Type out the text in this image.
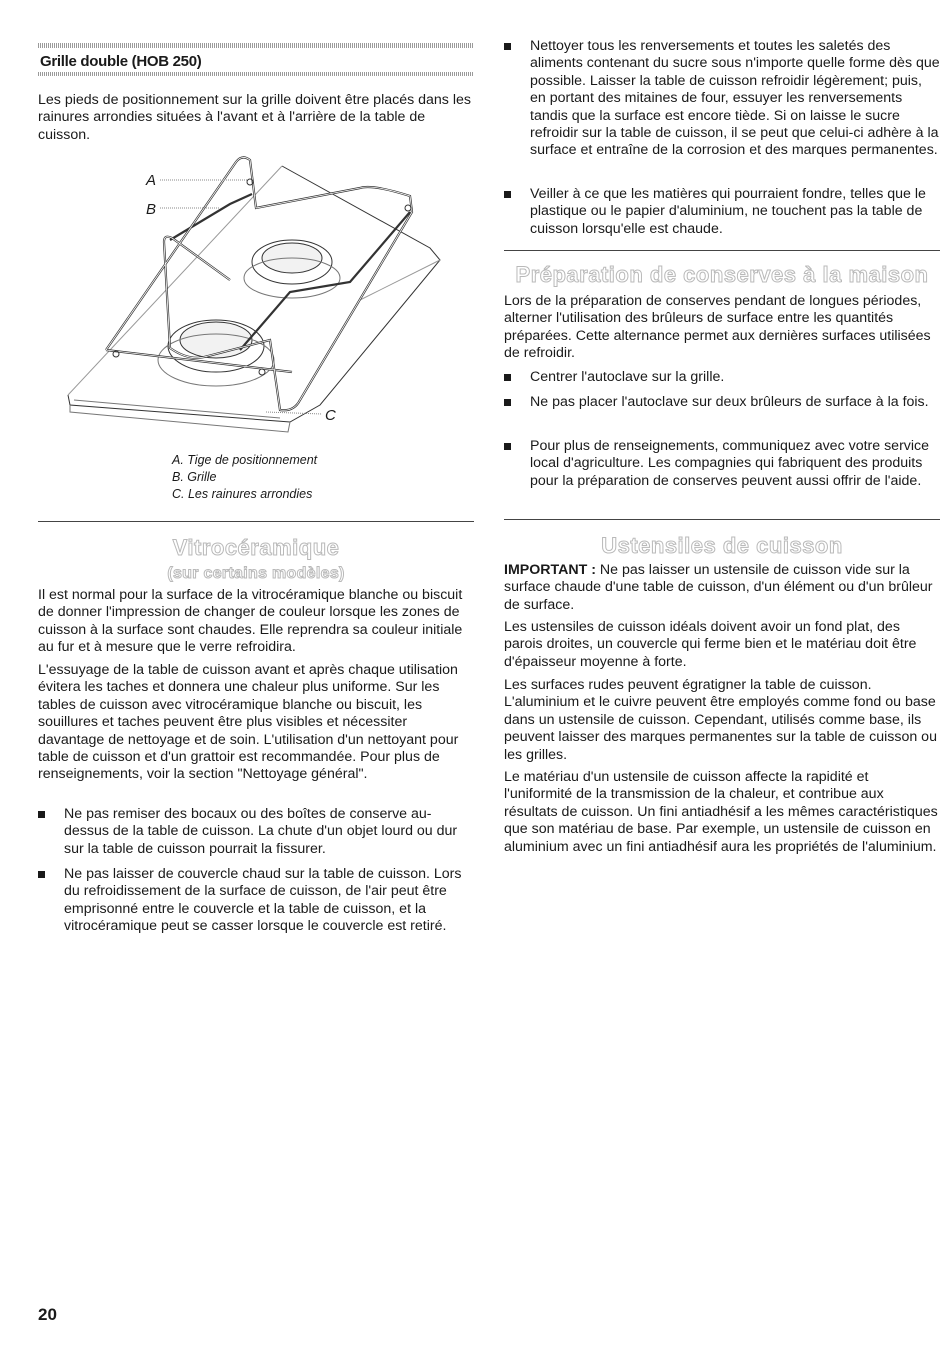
Grille double (HOB 250)

Les pieds de positionnement sur la grille doivent être placés dans les rainures arrondies situées à l'avant et à l'arrière de la table de cuisson.

A
B
C
A. Tige de positionnement
B. Grille
C. Les rainures arrondies
Vitrocéramique
(sur certains modèles)

Il est normal pour la surface de la vitrocéramique blanche ou biscuit de donner l'impression de changer de couleur lorsque les zones de cuisson à la surface sont chaudes. Elle reprendra sa couleur initiale au fur et à mesure que le verre refroidira.

L'essuyage de la table de cuisson avant et après chaque utilisation évitera les taches et donnera une chaleur plus uniforme. Sur les tables de cuisson avec vitrocéramique blanche ou biscuit, les souillures et taches peuvent être plus visibles et nécessiter davantage de nettoyage et de soin. L'utilisation d'un nettoyant pour table de cuisson et d'un grattoir est recommandée. Pour plus de renseignements, voir la section "Nettoyage général".

Ne pas remiser des bocaux ou des boîtes de conserve au-dessus de la table de cuisson. La chute d'un objet lourd ou dur sur la table de cuisson pourrait la fissurer.
Ne pas laisser de couvercle chaud sur la table de cuisson. Lors du refroidissement de la surface de cuisson, de l'air peut être emprisonné entre le couvercle et la table de cuisson, et la vitrocéramique peut se casser lorsque le couvercle est retiré.
Nettoyer tous les renversements et toutes les saletés des aliments contenant du sucre sous n'importe quelle forme dès que possible. Laisser la table de cuisson refroidir légèrement; puis, en portant des mitaines de four, essuyer les renversements tandis que la surface est encore tiède. Si on laisse le sucre refroidir sur la table de cuisson, il se peut que celui-ci adhère à la surface et entraîne de la corrosion et des marques permanentes.
Veiller à ce que les matières qui pourraient fondre, telles que le plastique ou le papier d'aluminium, ne touchent pas la table de cuisson lorsqu'elle est chaude.
Préparation de conserves à la maison

Lors de la préparation de conserves pendant de longues périodes, alterner l'utilisation des brûleurs de surface entre les quantités préparées. Cette alternance permet aux dernières surfaces utilisées de refroidir.

Centrer l'autoclave sur la grille.
Ne pas placer l'autoclave sur deux brûleurs de surface à la fois.
Pour plus de renseignements, communiquez avec votre service local d'agriculture. Les compagnies qui fabriquent des produits pour la préparation de conserves peuvent aussi offrir de l'aide.
Ustensiles de cuisson

IMPORTANT : Ne pas laisser un ustensile de cuisson vide sur la surface chaude d'une table de cuisson, d'un élément ou d'un brûleur de surface.

Les ustensiles de cuisson idéals doivent avoir un fond plat, des parois droites, un couvercle qui ferme bien et le matériau doit être d'épaisseur moyenne à forte.

Les surfaces rudes peuvent égratigner la table de cuisson. L'aluminium et le cuivre peuvent être employés comme fond ou base dans un ustensile de cuisson. Cependant, utilisés comme base, ils peuvent laisser des marques permanentes sur la table de cuisson ou les grilles.

Le matériau d'un ustensile de cuisson affecte la rapidité et l'uniformité de la transmission de la chaleur, et contribue aux résultats de cuisson. Un fini antiadhésif a les mêmes caractéristiques que son matériau de base. Par exemple, un ustensile de cuisson en aluminium avec un fini antiadhésif aura les propriétés de l'aluminium.

20
